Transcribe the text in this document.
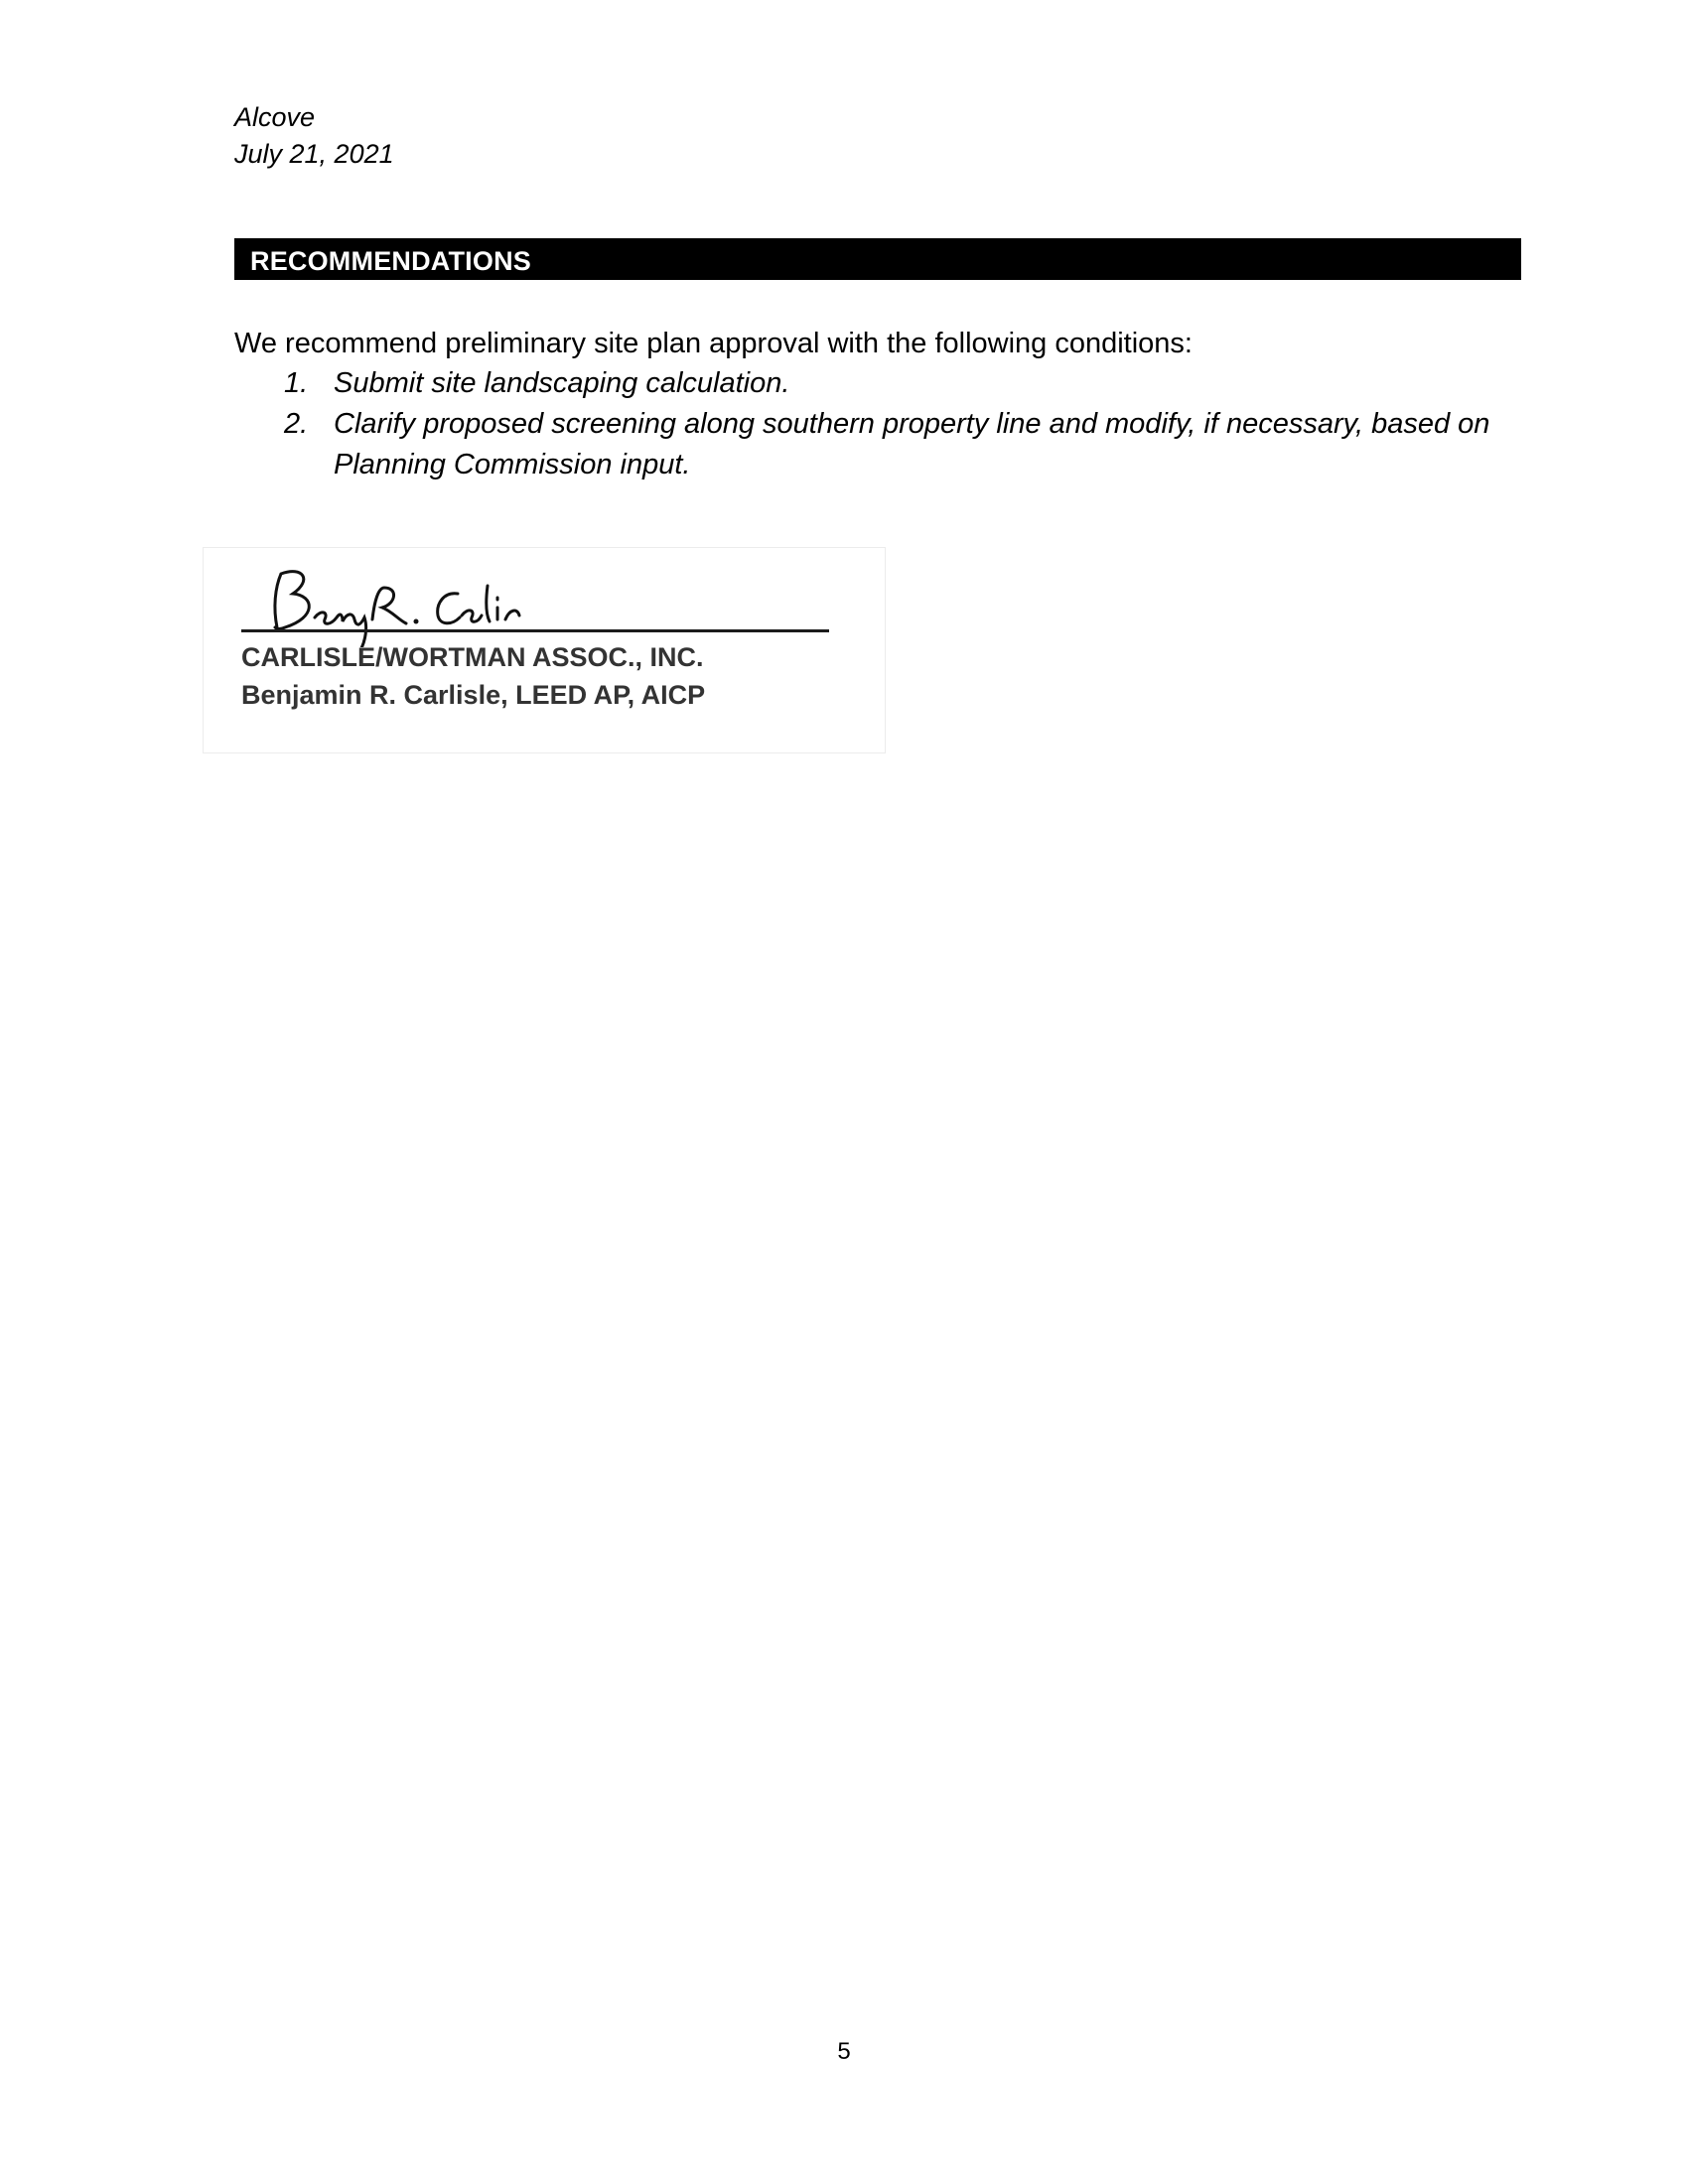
Alcove
July 21, 2021
RECOMMENDATIONS
We recommend preliminary site plan approval with the following conditions:
1. Submit site landscaping calculation.
2. Clarify proposed screening along southern property line and modify, if necessary, based on Planning Commission input.
CARLISLE/WORTMAN ASSOC., INC.
Benjamin R. Carlisle, LEED AP, AICP
5
